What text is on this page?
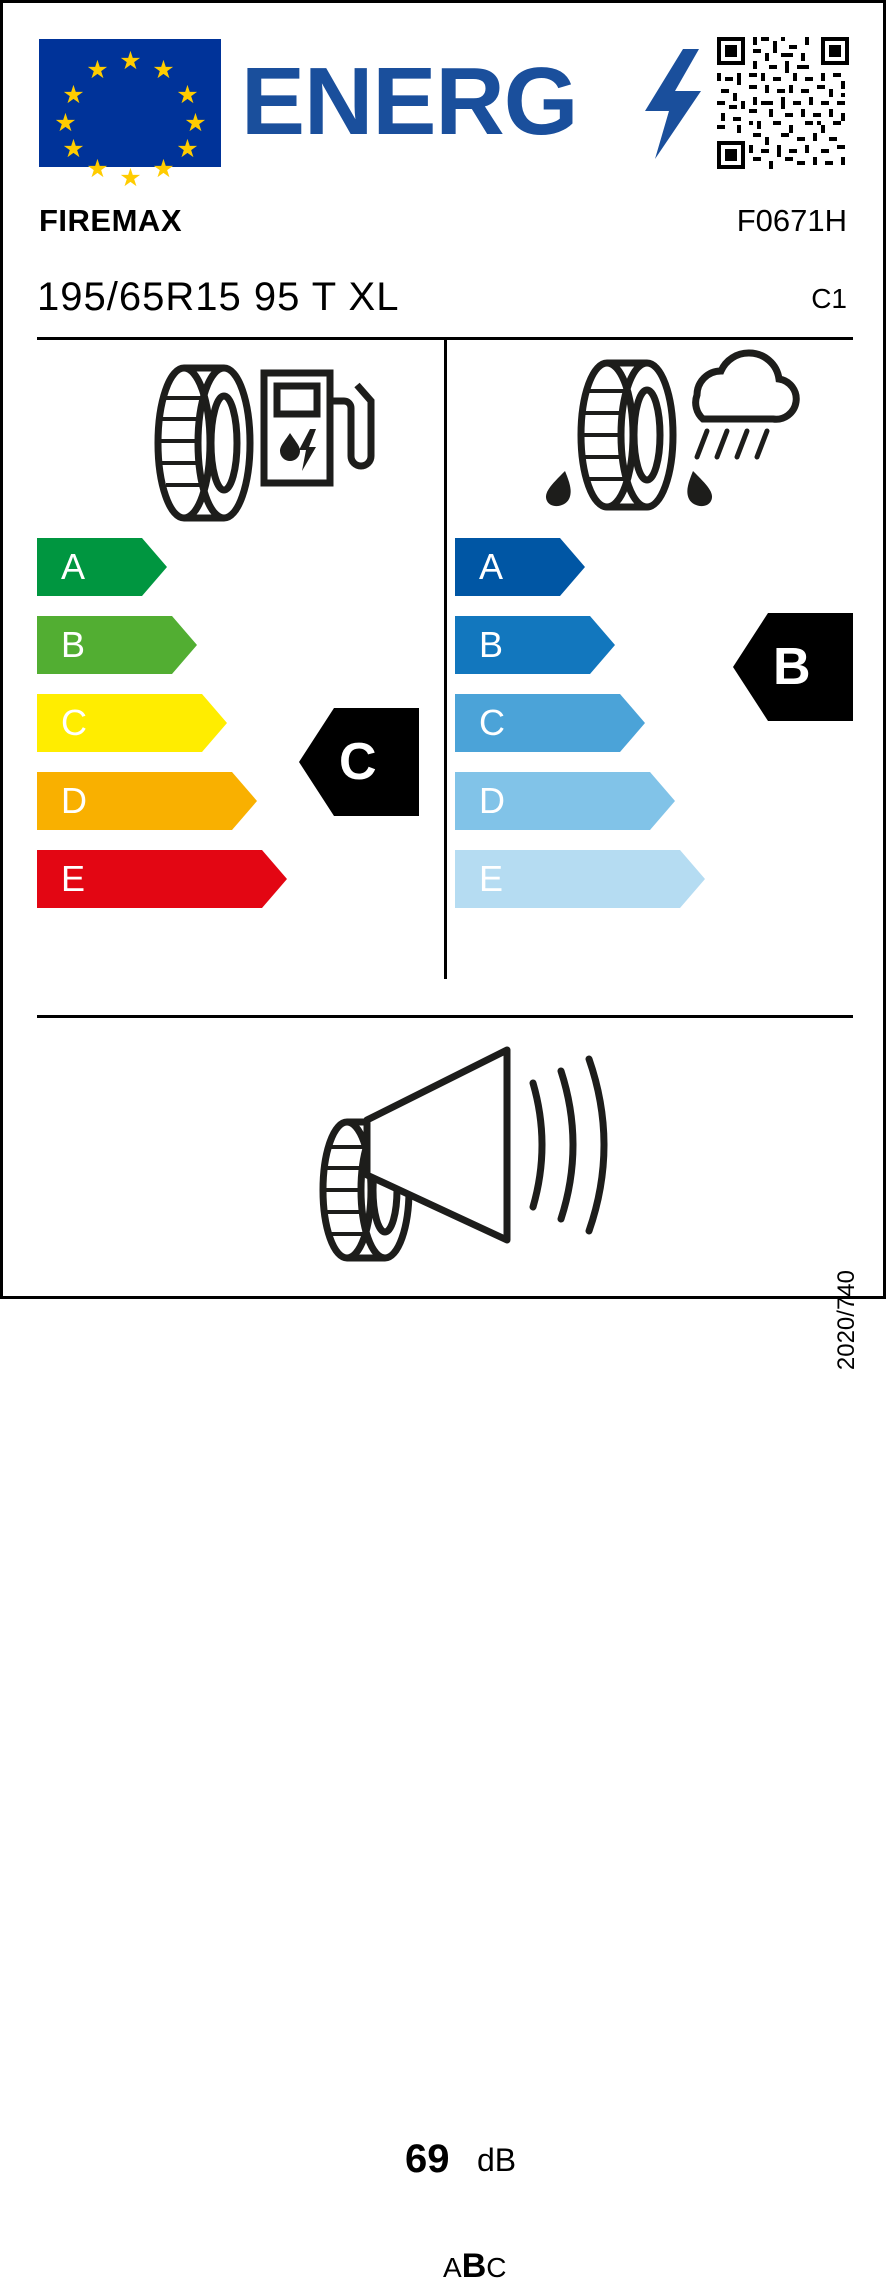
★
★ ★
★	★
★	★
★	★
★ ★
★
ENERG
FIREMAX	F0671H
195/65R15 95 T XL	C1
A
B
C
D
E
C
A
B
C
D
E
B
69 dB
ABC
2020/740
